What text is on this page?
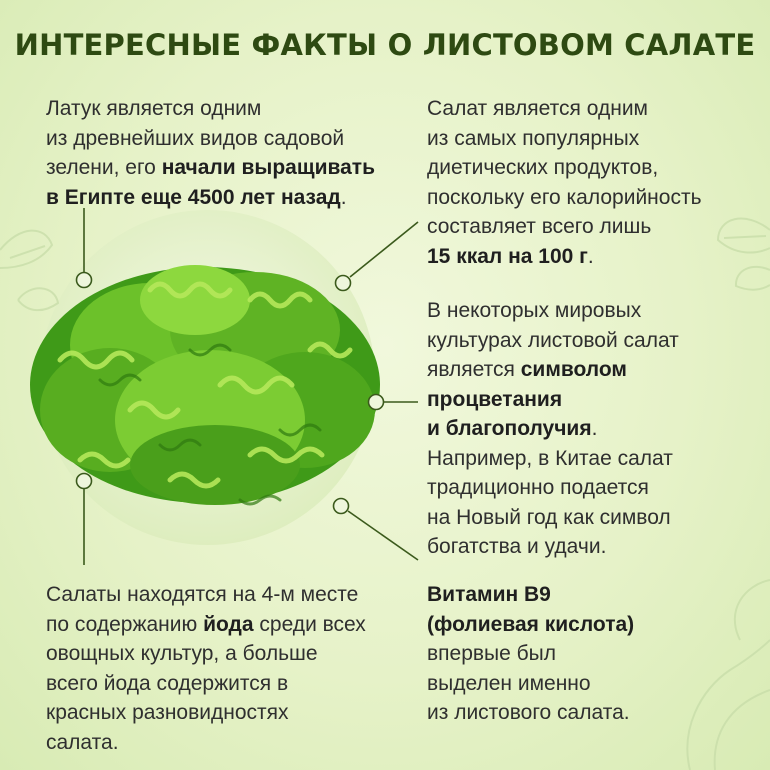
ИНТЕРЕСНЫЕ ФАКТЫ О ЛИСТОВОМ САЛАТЕ
Латук является одним
из древнейших видов садовой
зелени, его начали выращивать
в Египте еще 4500 лет назад.
Салат является одним
из самых популярных
диетических продуктов,
поскольку его калорийность
составляет всего лишь
15 ккал на 100 г.
В некоторых мировых
культурах листовой салат
является символом
процветания
и благополучия.
Например, в Китае салат
традиционно подается
на Новый год как символ
богатства и удачи.
Салаты находятся на 4-м месте
по содержанию йода среди всех
овощных культур, а больше
всего йода содержится в
красных разновидностях
салата.
Витамин B9
(фолиевая кислота)
впервые был
выделен именно
из листового салата.
